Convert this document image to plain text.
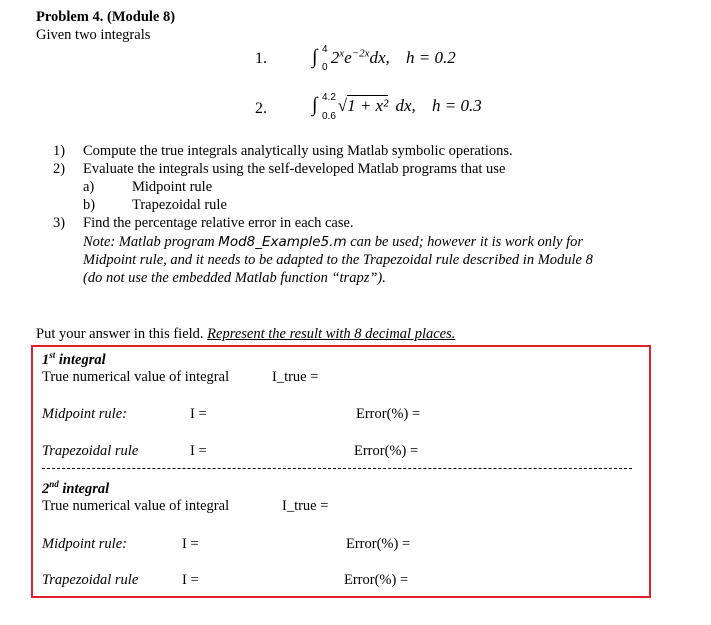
Problem 4. (Module 8)
Given two integrals
1. ∫ 4
0
$2^xe^{-2x}dx$, h = 0.2
2. ∫ 4.2
0.6
√1 + x² dx, h = 0.3
1) Compute the true integrals analytically using Matlab symbolic operations.
2) Evaluate the integrals using the self-developed Matlab programs that use
a)	Midpoint rule
b)	Trapezoidal rule
3) Find the percentage relative error in each case.
Note: Matlab program Mod8_Example5.m can be used; however it is work only for
Midpoint rule, and it needs to be adapted to the Trapezoidal rule described in Module 8
(do not use the embedded Matlab function “trapz”).
Put your answer in this field. Represent the result with 8 decimal places.
1st integral
True numerical value of integral	I_true =
Midpoint rule:	I =	Error(%) =
Trapezoidal rule	I =	Error(%) =
2nd integral
True numerical value of integral	I_true =
Midpoint rule:	I =	Error(%) =
Trapezoidal rule	I =	Error(%) =
